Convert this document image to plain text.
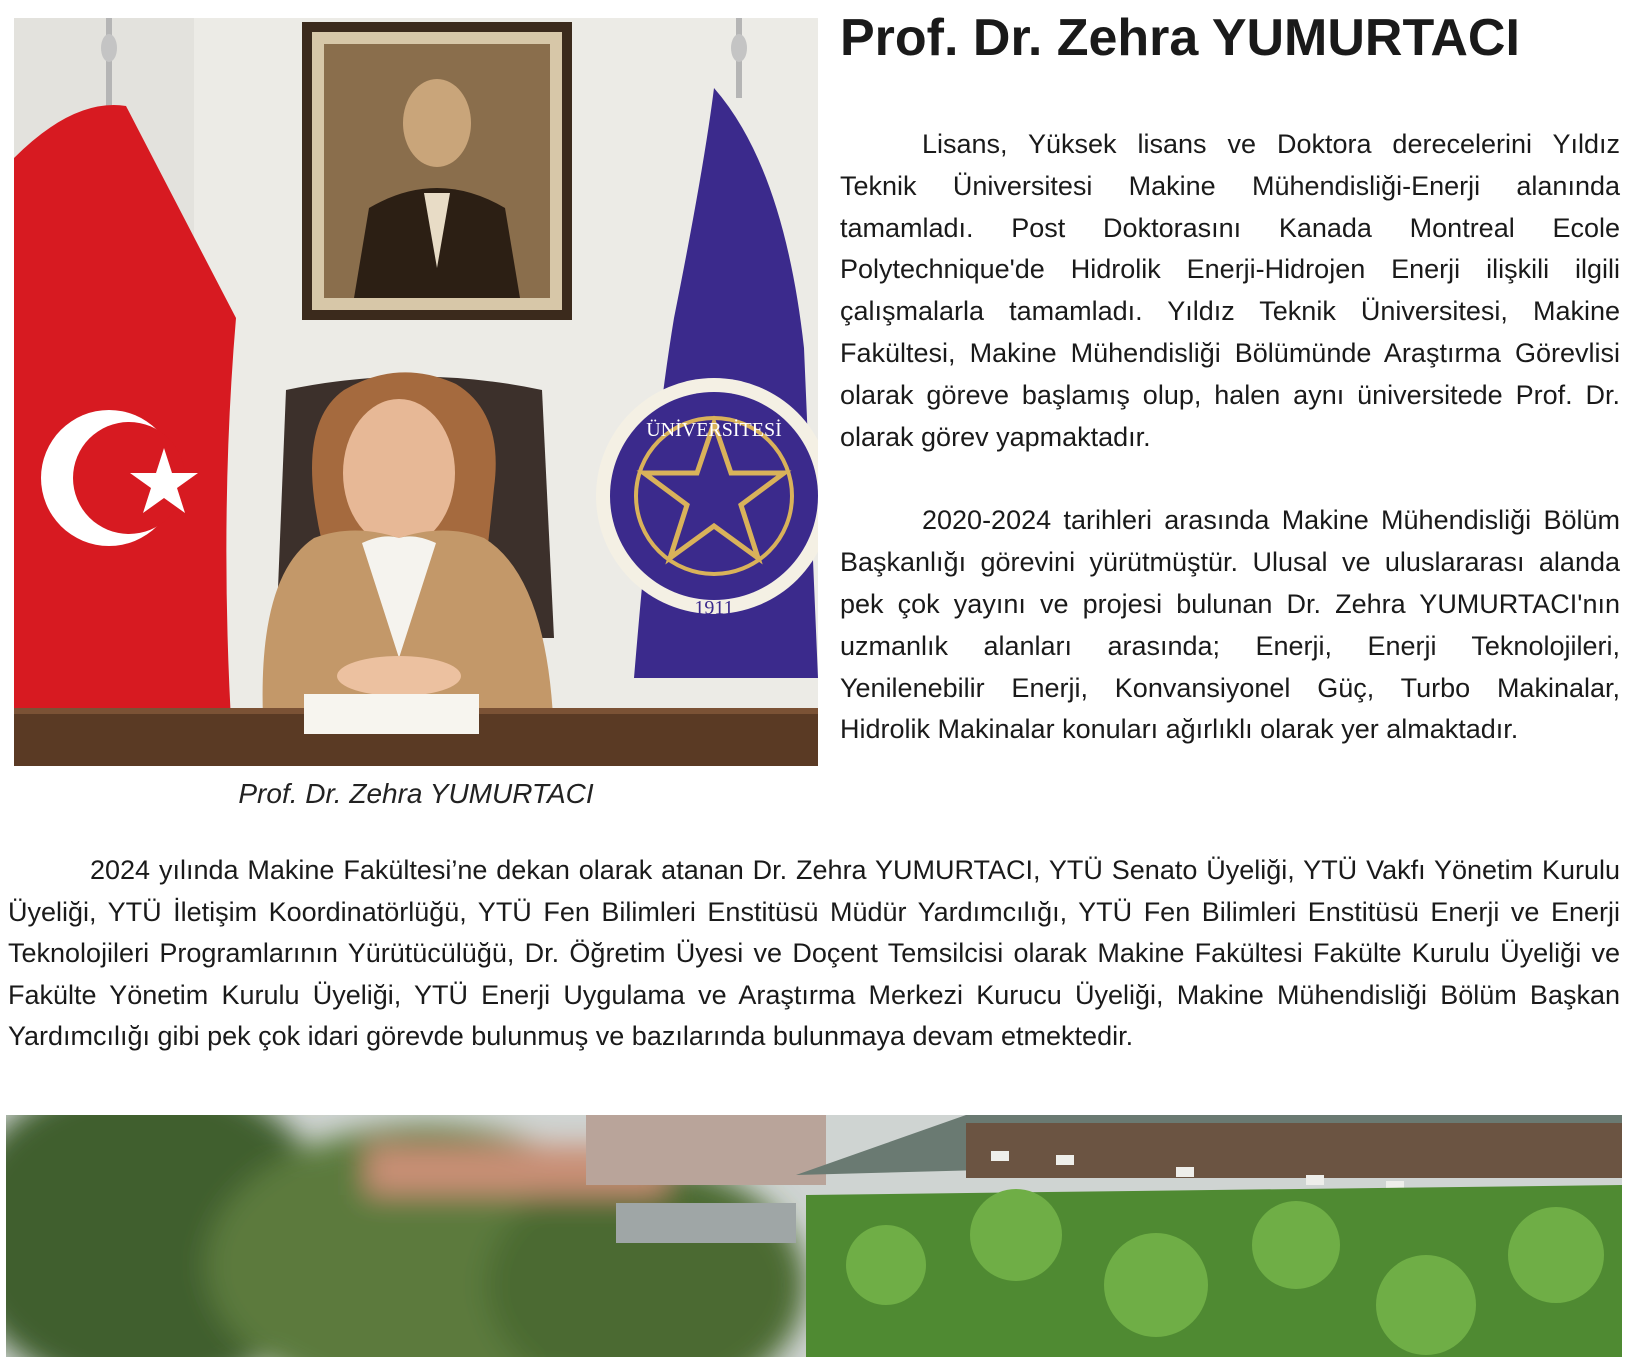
ÜNİVERSİTESİ
1911
Prof. Dr. Zehra YUMURTACI
Prof. Dr. Zehra YUMURTACI

Lisans, Yüksek lisans ve Doktora derecelerini Yıldız Teknik Üniversitesi Makine Mühendisliği-Enerji alanında tamamladı. Post Doktorasını Kanada Montreal Ecole Polytechnique'de Hidrolik Enerji-Hidrojen Enerji ilişkili ilgili çalışmalarla tamamladı. Yıldız Teknik Üniversitesi, Makine Fakültesi, Makine Mühendisliği Bölümünde Araştırma Görevlisi olarak göreve başlamış olup, halen aynı üniversitede Prof. Dr. olarak görev yapmaktadır.

2020-2024 tarihleri arasında Makine Mühendisliği Bölüm Başkanlığı görevini yürütmüştür. Ulusal ve uluslararası alanda pek çok yayını ve projesi bulunan Dr. Zehra YUMURTACI'nın uzmanlık alanları arasında; Enerji, Enerji Teknolojileri, Yenilenebilir Enerji, Konvansiyonel Güç, Turbo Makinalar, Hidrolik Makinalar konuları ağırlıklı olarak yer almaktadır.

2024 yılında Makine Fakültesi’ne dekan olarak atanan Dr. Zehra YUMURTACI, YTÜ Senato Üyeliği, YTÜ Vakfı Yönetim Kurulu Üyeliği, YTÜ İletişim Koordinatörlüğü, YTÜ Fen Bilimleri Enstitüsü Müdür Yardımcılığı, YTÜ Fen Bilimleri Enstitüsü Enerji ve Enerji Teknolojileri Programlarının Yürütücülüğü, Dr. Öğretim Üyesi ve Doçent Temsilcisi olarak Makine Fakültesi Fakülte Kurulu Üyeliği ve Fakülte Yönetim Kurulu Üyeliği, YTÜ Enerji Uygulama ve Araştırma Merkezi Kurucu Üyeliği, Makine Mühendisliği Bölüm Başkan Yardımcılığı gibi pek çok idari görevde bulunmuş ve bazılarında bulunmaya devam etmektedir.
